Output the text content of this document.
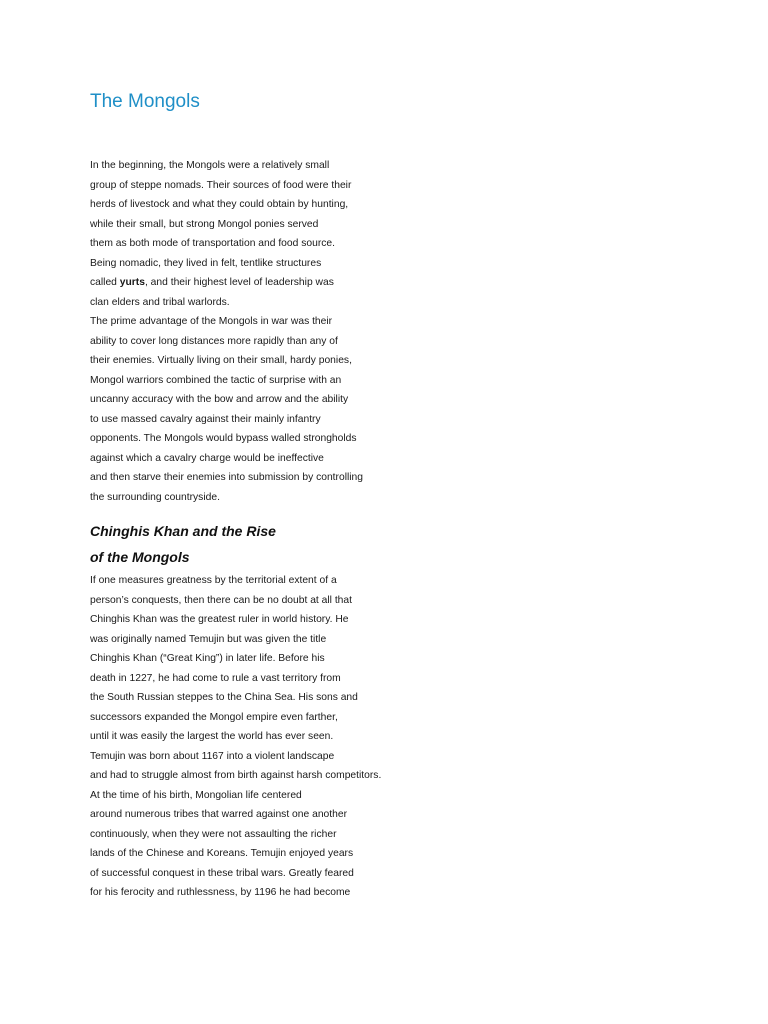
The Mongols
In the beginning, the Mongols were a relatively small
group of steppe nomads. Their sources of food were their
herds of livestock and what they could obtain by hunting,
while their small, but strong Mongol ponies served
them as both mode of transportation and food source.
Being nomadic, they lived in felt, tentlike structures
called yurts, and their highest level of leadership was
clan elders and tribal warlords.
The prime advantage of the Mongols in war was their
ability to cover long distances more rapidly than any of
their enemies. Virtually living on their small, hardy ponies,
Mongol warriors combined the tactic of surprise with an
uncanny accuracy with the bow and arrow and the ability
to use massed cavalry against their mainly infantry
opponents. The Mongols would bypass walled strongholds
against which a cavalry charge would be ineffective
and then starve their enemies into submission by controlling
the surrounding countryside.
Chinghis Khan and the Rise
of the Mongols
If one measures greatness by the territorial extent of a
person’s conquests, then there can be no doubt at all that
Chinghis Khan was the greatest ruler in world history. He
was originally named Temujin but was given the title
Chinghis Khan (“Great King”) in later life. Before his
death in 1227, he had come to rule a vast territory from
the South Russian steppes to the China Sea. His sons and
successors expanded the Mongol empire even farther,
until it was easily the largest the world has ever seen.
Temujin was born about 1167 into a violent landscape
and had to struggle almost from birth against harsh competitors.
At the time of his birth, Mongolian life centered
around numerous tribes that warred against one another
continuously, when they were not assaulting the richer
lands of the Chinese and Koreans. Temujin enjoyed years
of successful conquest in these tribal wars. Greatly feared
for his ferocity and ruthlessness, by 1196 he had become
